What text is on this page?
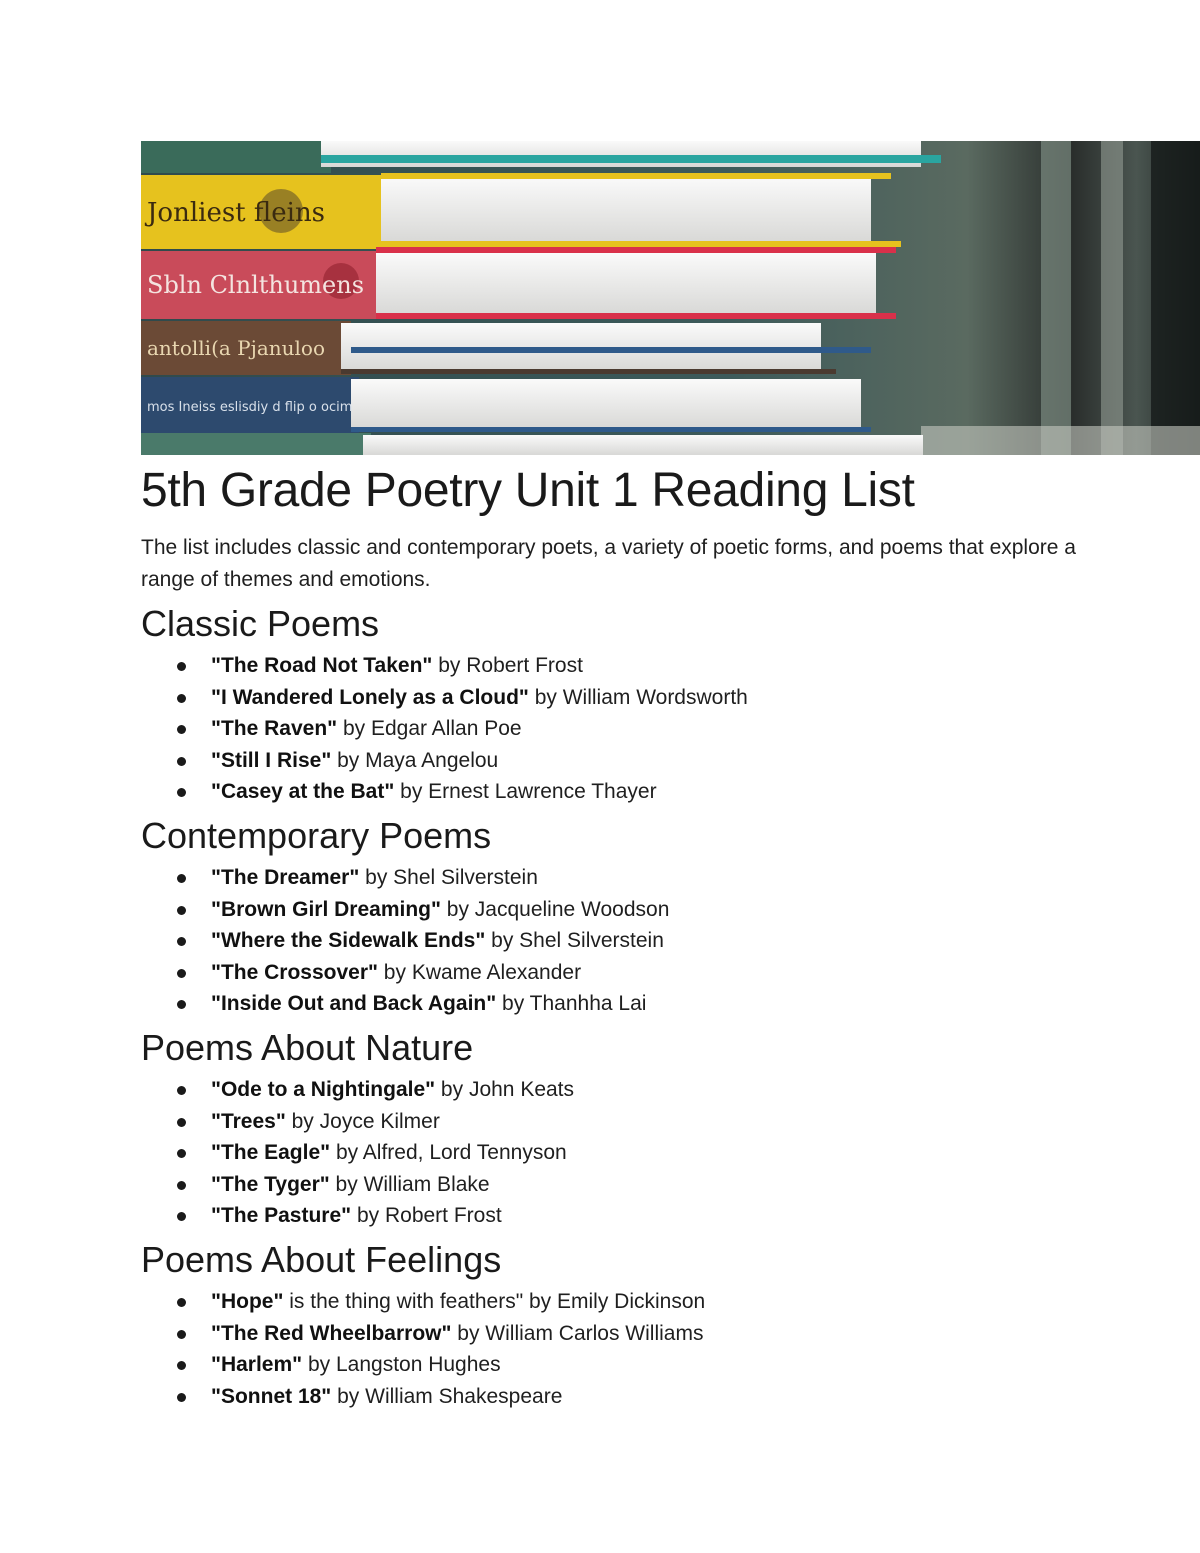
Jonliest fleins
Sbln Clnlthumens
antolli(a Pjanuloo
mos Ineiss eslisdiy d flip o ocim
5th Grade Poetry Unit 1 Reading List

The list includes classic and contemporary poets, a variety of poetic forms, and poems that explore a range of themes and emotions.

Classic Poems
"The Road Not Taken" by Robert Frost
"I Wandered Lonely as a Cloud" by William Wordsworth
"The Raven" by Edgar Allan Poe
"Still I Rise" by Maya Angelou
"Casey at the Bat" by Ernest Lawrence Thayer
Contemporary Poems
"The Dreamer" by Shel Silverstein
"Brown Girl Dreaming" by Jacqueline Woodson
"Where the Sidewalk Ends" by Shel Silverstein
"The Crossover" by Kwame Alexander
"Inside Out and Back Again" by Thanhha Lai
Poems About Nature
"Ode to a Nightingale" by John Keats
"Trees" by Joyce Kilmer
"The Eagle" by Alfred, Lord Tennyson
"The Tyger" by William Blake
"The Pasture" by Robert Frost
Poems About Feelings
"Hope" is the thing with feathers" by Emily Dickinson
"The Red Wheelbarrow" by William Carlos Williams
"Harlem" by Langston Hughes
"Sonnet 18" by William Shakespeare
